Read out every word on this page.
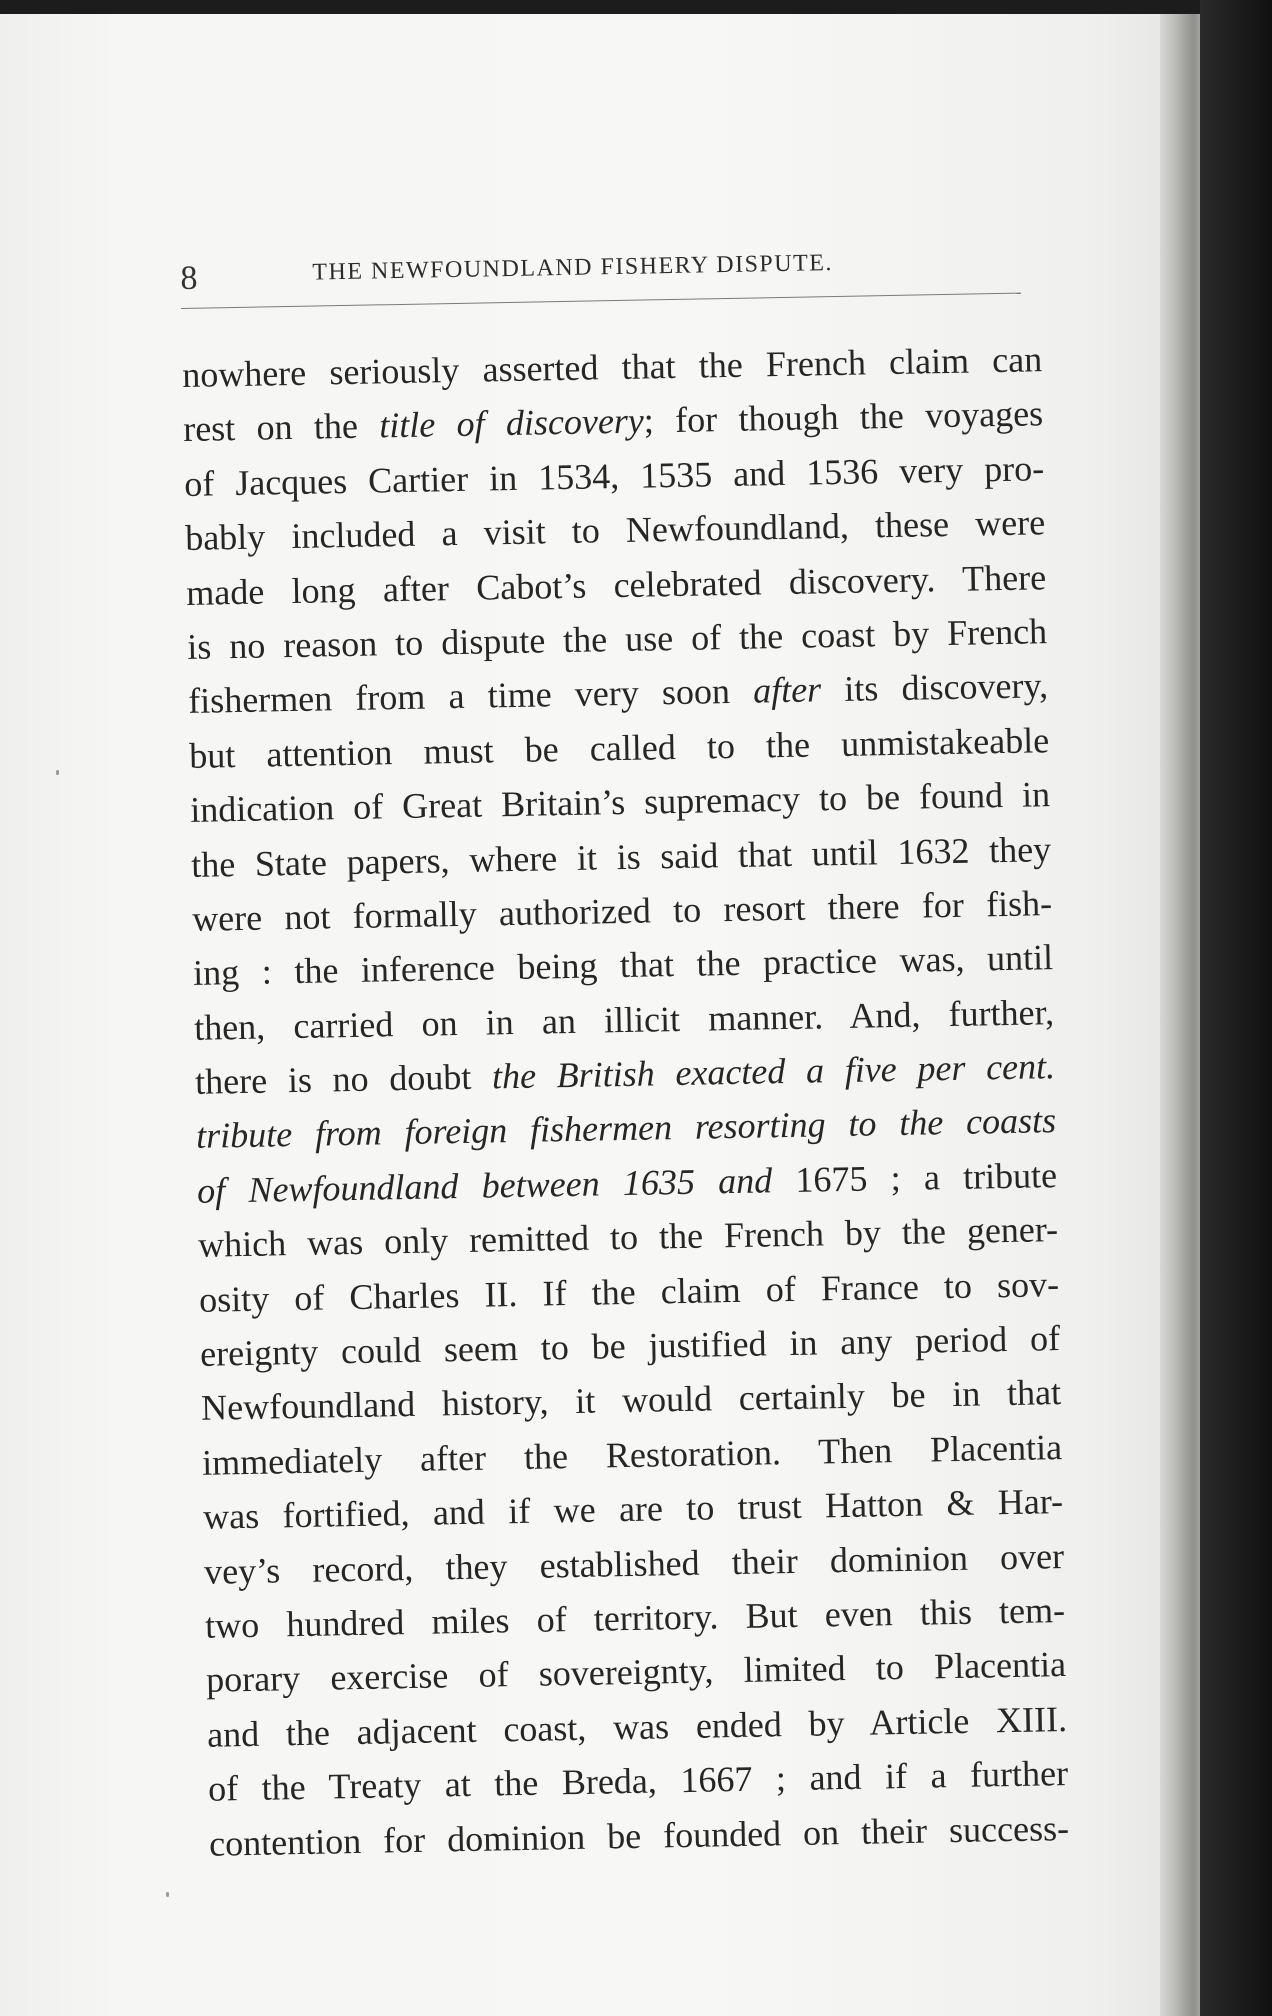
8	THE NEWFOUNDLAND FISHERY DISPUTE.
nowhere seriously asserted that the French claim can
rest on the title of discovery; for though the voyages
of Jacques Cartier in 1534, 1535 and 1536 very pro-
bably included a visit to Newfoundland, these were
made long after Cabot’s celebrated discovery. There
is no reason to dispute the use of the coast by French
fishermen from a time very soon after its discovery,
but attention must be called to the unmistakeable
indication of Great Britain’s supremacy to be found in
the State papers, where it is said that until 1632 they
were not formally authorized to resort there for fish-
ing : the inference being that the practice was, until
then, carried on in an illicit manner. And, further,
there is no doubt the British exacted a five per cent.
tribute from foreign fishermen resorting to the coasts
of Newfoundland between 1635 and 1675 ; a tribute
which was only remitted to the French by the gener-
osity of Charles II. If the claim of France to sov-
ereignty could seem to be justified in any period of
Newfoundland history, it would certainly be in that
immediately after the Restoration. Then Placentia
was fortified, and if we are to trust Hatton & Har-
vey’s record, they established their dominion over
two hundred miles of territory. But even this tem-
porary exercise of sovereignty, limited to Placentia
and the adjacent coast, was ended by Article XIII.
of the Treaty at the Breda, 1667 ; and if a further
contention for dominion be founded on their success-
